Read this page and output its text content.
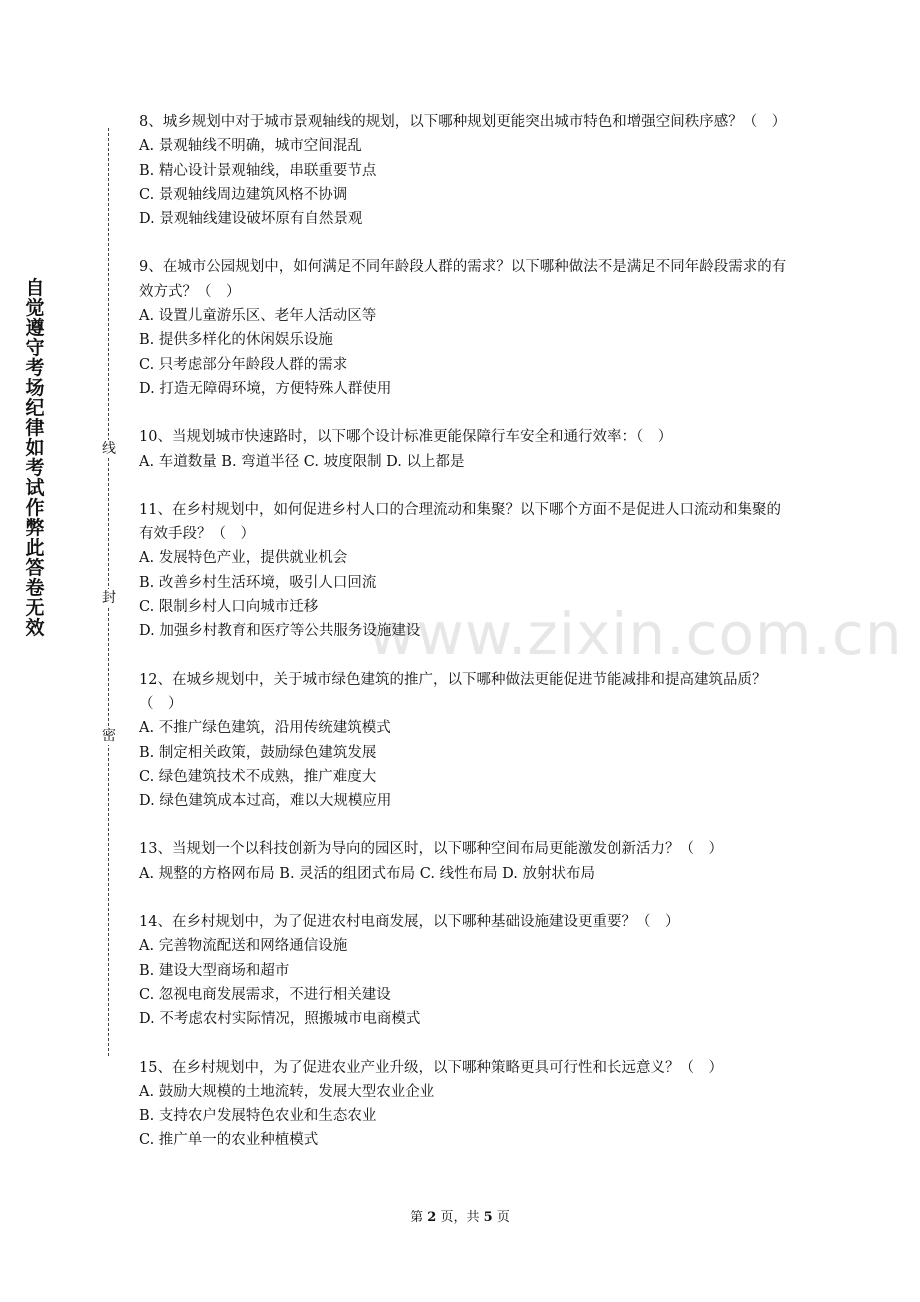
自觉遵守考场纪律如考试作弊此答卷无效
线
封
密

8、城乡规划中对于城市景观轴线的规划，以下哪种规划更能突出城市特色和增强空间秩序感？（　）

A. 景观轴线不明确，城市空间混乱

B. 精心设计景观轴线，串联重要节点

C. 景观轴线周边建筑风格不协调

D. 景观轴线建设破坏原有自然景观

9、在城市公园规划中，如何满足不同年龄段人群的需求？以下哪种做法不是满足不同年龄段需求的有效方式？（　）

A. 设置儿童游乐区、老年人活动区等

B. 提供多样化的休闲娱乐设施

C. 只考虑部分年龄段人群的需求

D. 打造无障碍环境，方便特殊人群使用

10、当规划城市快速路时，以下哪个设计标准更能保障行车安全和通行效率：（　）

A. 车道数量 B. 弯道半径 C. 坡度限制 D. 以上都是

11、在乡村规划中，如何促进乡村人口的合理流动和集聚？以下哪个方面不是促进人口流动和集聚的有效手段？（　）

A. 发展特色产业，提供就业机会

B. 改善乡村生活环境，吸引人口回流

C. 限制乡村人口向城市迁移

D. 加强乡村教育和医疗等公共服务设施建设

12、在城乡规划中，关于城市绿色建筑的推广，以下哪种做法更能促进节能减排和提高建筑品质？（　）

A. 不推广绿色建筑，沿用传统建筑模式

B. 制定相关政策，鼓励绿色建筑发展

C. 绿色建筑技术不成熟，推广难度大

D. 绿色建筑成本过高，难以大规模应用

13、当规划一个以科技创新为导向的园区时，以下哪种空间布局更能激发创新活力？（　）

A. 规整的方格网布局 B. 灵活的组团式布局 C. 线性布局 D. 放射状布局

14、在乡村规划中，为了促进农村电商发展，以下哪种基础设施建设更重要？（　）

A. 完善物流配送和网络通信设施

B. 建设大型商场和超市

C. 忽视电商发展需求，不进行相关建设

D. 不考虑农村实际情况，照搬城市电商模式

15、在乡村规划中，为了促进农业产业升级，以下哪种策略更具可行性和长远意义？（　）

A. 鼓励大规模的土地流转，发展大型农业企业

B. 支持农户发展特色农业和生态农业

C. 推广单一的农业种植模式

www.zixin.com.cn
第 2 页，共 5 页
